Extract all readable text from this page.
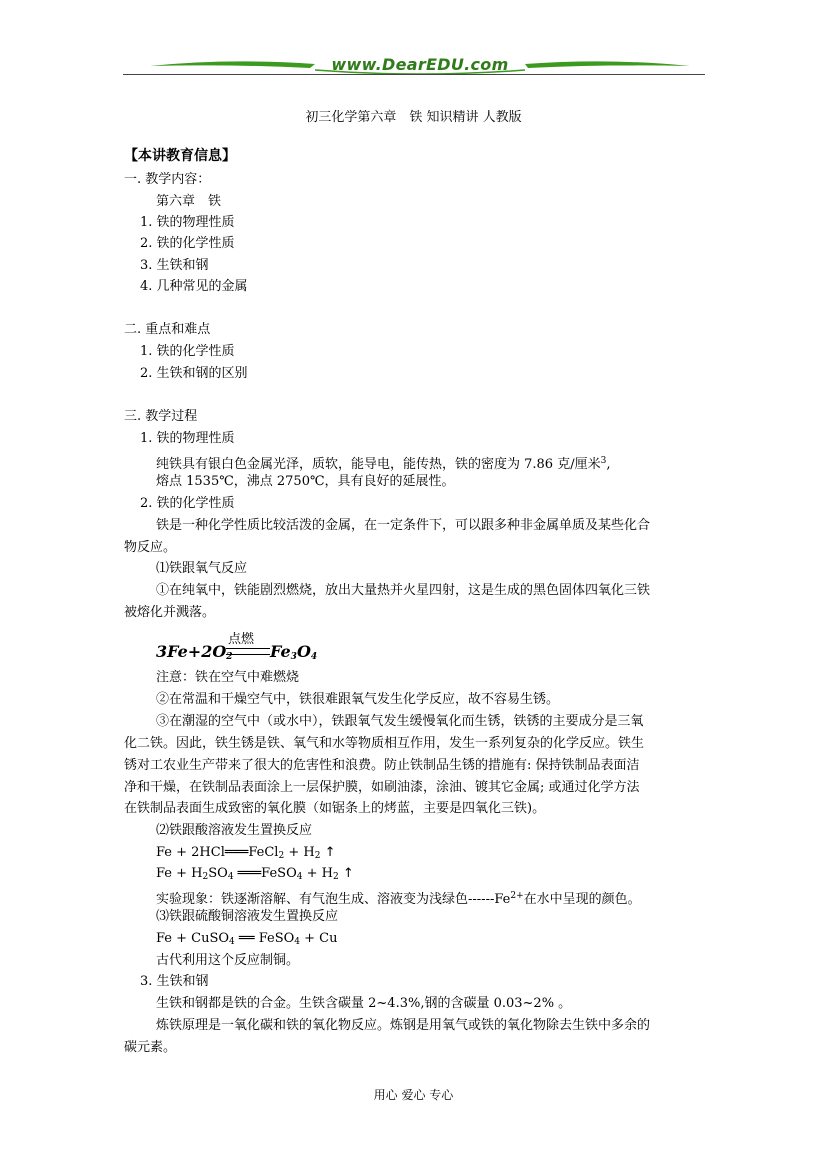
www.DearEDU.com
初三化学第六章　铁 知识精讲 人教版
【本讲教育信息】
一. 教学内容：
第六章　铁
1. 铁的物理性质
2. 铁的化学性质
3. 生铁和钢
4. 几种常见的金属
二. 重点和难点
1. 铁的化学性质
2. 生铁和钢的区别
三. 教学过程
1. 铁的物理性质
纯铁具有银白色金属光泽，质软，能导电，能传热，铁的密度为 7.86 克/厘米$^3$,
熔点 1535℃，沸点 2750℃，具有良好的延展性。
2. 铁的化学性质
铁是一种化学性质比较活泼的金属，在一定条件下，可以跟多种非金属单质及某些化合
物反应。
⑴铁跟氧气反应
①在纯氧中，铁能剧烈燃烧，放出大量热并火星四射，这是生成的黑色固体四氧化三铁
被熔化并溅落。
$3Fe+2O_2$
点燃
$Fe_3O_4$
注意：铁在空气中难燃烧
②在常温和干燥空气中，铁很难跟氧气发生化学反应，故不容易生锈。
③在潮湿的空气中（或水中），铁跟氧气发生缓慢氧化而生锈，铁锈的主要成分是三氧
化二铁。因此，铁生锈是铁、氧气和水等物质相互作用，发生一系列复杂的化学反应。铁生
锈对工农业生产带来了很大的危害性和浪费。防止铁制品生锈的措施有: 保持铁制品表面洁
净和干燥，在铁制品表面涂上一层保护膜，如刷油漆，涂油、镀其它金属; 或通过化学方法
在铁制品表面生成致密的氧化膜（如锯条上的烤蓝，主要是四氧化三铁)。
⑵铁跟酸溶液发生置换反应
Fe + 2HCl═══FeCl$_2$ + $H_2$ ↑
$Fe + H_2SO_4$ ═══FeSO$_4$ + $H_2$ ↑
实验现象：铁逐渐溶解、有气泡生成、溶液变为浅绿色$------Fe^{2+}$在水中呈现的颜色。
⑶铁跟硫酸铜溶液发生置换反应
Fe + CuSO$_4$ ══ FeSO$_4$ + Cu
古代利用这个反应制铜。
3. 生铁和钢
生铁和钢都是铁的合金。生铁含碳量 2~4.3%,钢的含碳量 0.03~2% 。
炼铁原理是一氧化碳和铁的氧化物反应。炼钢是用氧气或铁的氧化物除去生铁中多余的
碳元素。
用心 爱心 专心
